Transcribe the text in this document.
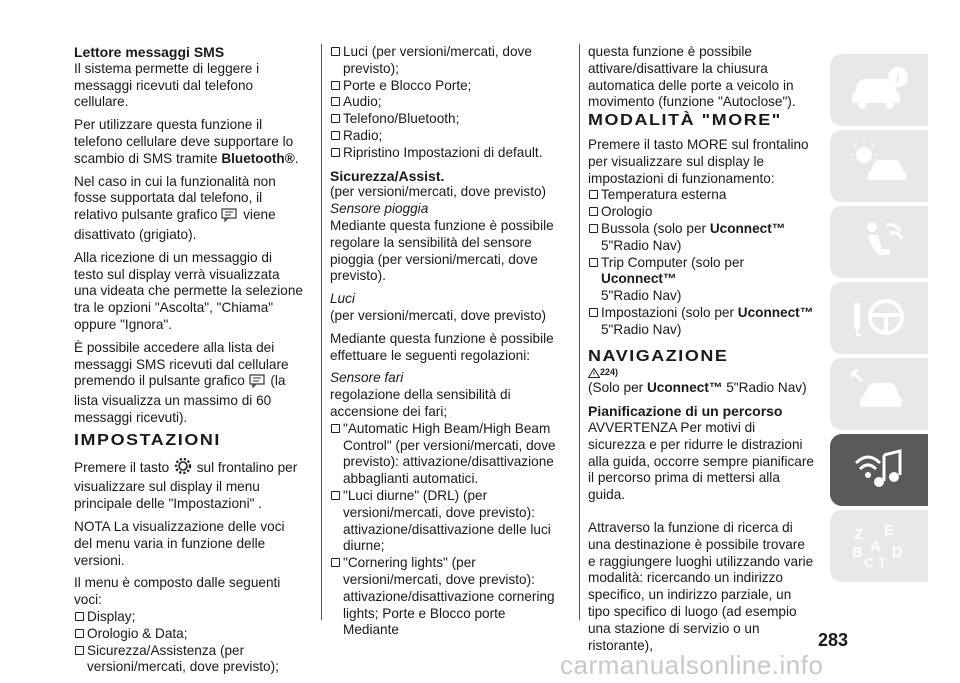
Lettore messaggi SMS

Il sistema permette di leggere i messaggi ricevuti dal telefono cellulare.

Per utilizzare questa funzione il telefono cellulare deve supportare lo scambio di SMS tramite Bluetooth®.

Nel caso in cui la funzionalità non fosse supportata dal telefono, il relativo pulsante grafico  viene disattivato (grigiato).

Alla ricezione di un messaggio di testo sul display verrà visualizzata una videata che permette la selezione tra le opzioni "Ascolta", "Chiama" oppure "Ignora".

È possibile accedere alla lista dei messaggi SMS ricevuti dal cellulare premendo il pulsante grafico  (la lista visualizza un massimo di 60 messaggi ricevuti).

IMPOSTAZIONI

Premere il tasto  sul frontalino per visualizzare sul display il menu principale delle "Impostazioni" .

NOTA La visualizzazione delle voci del menu varia in funzione delle versioni.

Il menu è composto dalle seguenti voci:

Display;

Orologio & Data;

Sicurezza/Assistenza (per versioni/mercati, dove previsto);

Luci (per versioni/mercati, dove previsto);

Porte e Blocco Porte;

Audio;

Telefono/Bluetooth;

Radio;

Ripristino Impostazioni di default.

Sicurezza/Assist.

(per versioni/mercati, dove previsto)

Sensore pioggia

Mediante questa funzione è possibile regolare la sensibilità del sensore pioggia (per versioni/mercati, dove previsto).

Luci

(per versioni/mercati, dove previsto)

Mediante questa funzione è possibile effettuare le seguenti regolazioni:

Sensore fari

regolazione della sensibilità di accensione dei fari;

"Automatic High Beam/High Beam Control" (per versioni/mercati, dove previsto): attivazione/disattivazione abbaglianti automatici.

"Luci diurne" (DRL) (per versioni/mercati, dove previsto): attivazione/disattivazione delle luci diurne;

"Cornering lights" (per versioni/mercati, dove previsto): attivazione/disattivazione cornering lights; Porte e Blocco porte Mediante

questa funzione è possibile attivare/disattivare la chiusura automatica delle porte a veicolo in movimento (funzione "Autoclose").

MODALITÀ "MORE"

Premere il tasto MORE sul frontalino per visualizzare sul display le impostazioni di funzionamento:

Temperatura esterna

Orologio

Bussola (solo per Uconnect™
5"Radio Nav)

Trip Computer (solo per Uconnect™
5"Radio Nav)

Impostazioni (solo per Uconnect™
5"Radio Nav)

NAVIGAZIONE

224)

(Solo per Uconnect™ 5"Radio Nav)

Pianificazione di un percorso

AVVERTENZA Per motivi di sicurezza e per ridurre le distrazioni alla guida, occorre sempre pianificare il percorso prima di mettersi alla guida.

Attraverso la funzione di ricerca di una destinazione è possibile trovare e raggiungere luoghi utilizzando varie modalità: ricercando un indirizzo specifico, un indirizzo parziale, un tipo specifico di luogo (ad esempio una stazione di servizio o un ristorante),

i
Z E
B A D
C T
283
carmanualsonline.info
